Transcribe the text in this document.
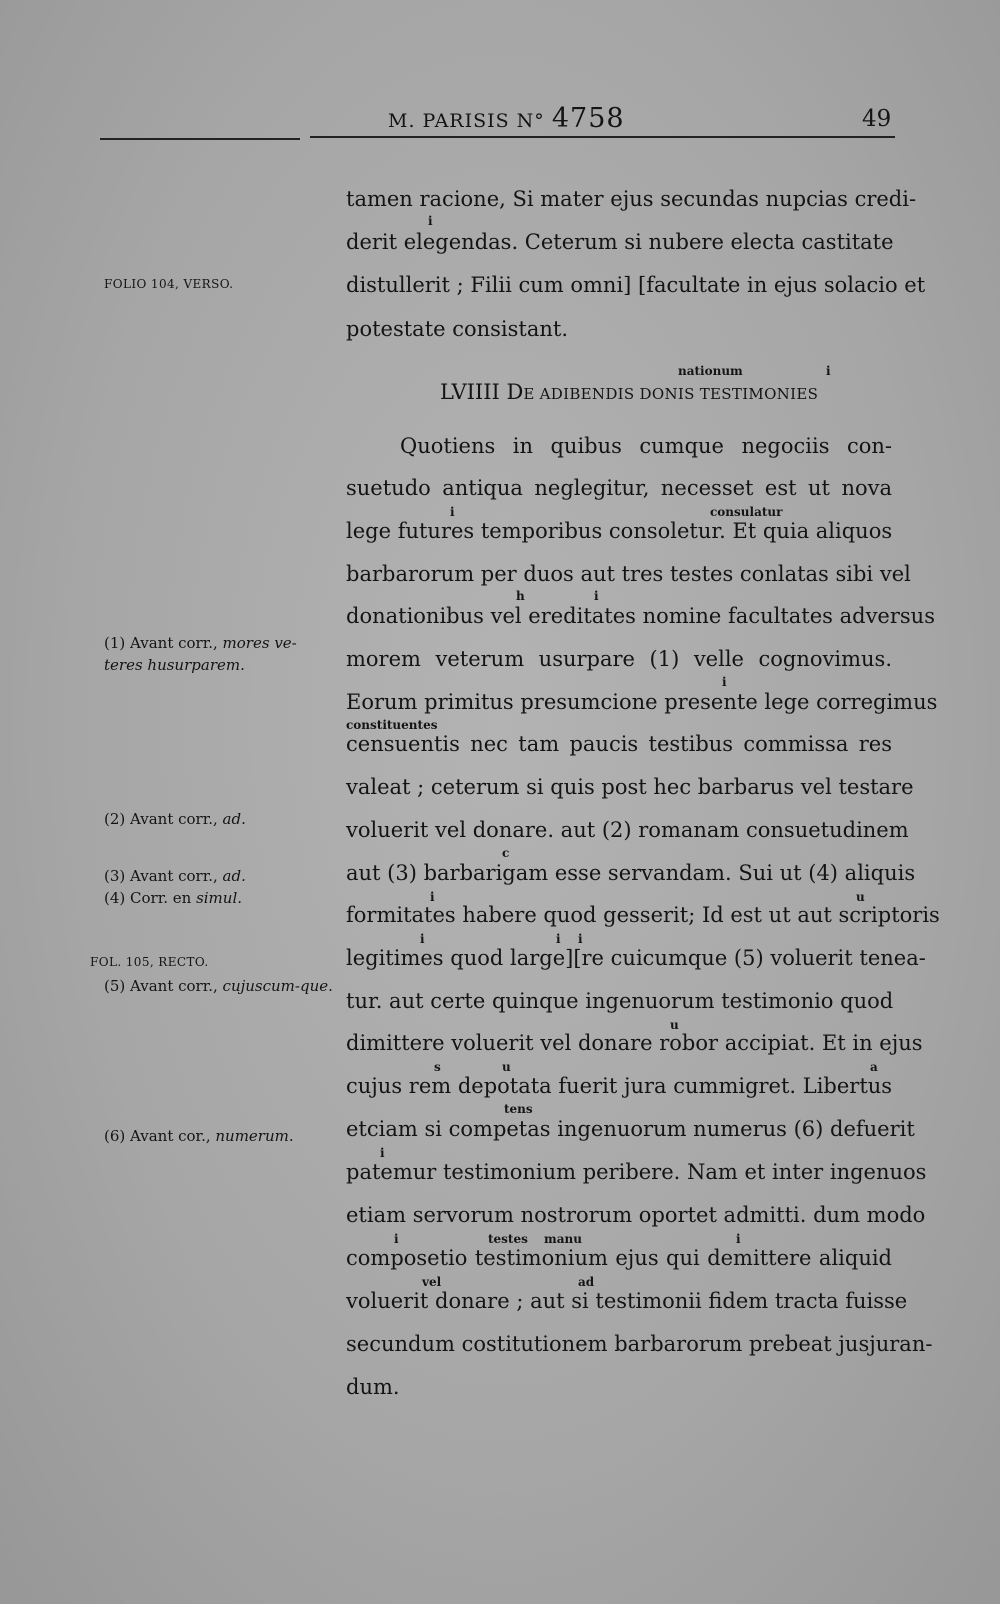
M. PARISIS N° 4758	49
FOLIO 104, VERSO.
FOL. 105, RECTO.
tamen racione, Si mater ejus secundas nupcias credi-
derit elegendas. Ceterum si nubere electa castitate
distullerit ; Filii cum omni] [facultate in ejus solacio et
potestate consistant.
LVIIII DE ADIBENDIS DONIS TESTIMONIES
Quotiens in quibus cumque negociis con-
suetudo antiqua neglegitur, necesset est ut nova
lege futures temporibus consoletur. Et quia aliquos
barbarorum per duos aut tres testes conlatas sibi vel
donationibus vel ereditates nomine facultates adversus
morem veterum usurpare (1) velle cognovimus.
Eorum primitus presumcione presente lege corregimus
censuentis nec tam paucis testibus commissa res
valeat ; ceterum si quis post hec barbarus vel testare
voluerit vel donare. aut (2) romanam consuetudinem
aut (3) barbarigam esse servandam. Sui ut (4) aliquis
formitates habere quod gesserit; Id est ut aut scriptoris
legitimes quod large][re cuicumque (5) voluerit tenea-
tur. aut certe quinque ingenuorum testimonio quod
dimittere voluerit vel donare robor accipiat. Et in ejus
cujus rem depotata fuerit jura cummigret. Libertus
etciam si competas ingenuorum numerus (6) defuerit
patemur testimonium peribere. Nam et inter ingenuos
etiam servorum nostrorum oportet admitti. dum modo
composetio testimonium ejus qui demittere aliquid
voluerit donare ; aut si testimonii fidem tracta fuisse
secundum costitutionem barbarorum prebeat jusjuran-
dum.
i
nationum	i
i	consulatur
h	i
i
constituentes
c
i	u
i	i i
u
s	u	a
tens
i
i	testes manu	i
vel	ad
(1) Avant corr., mores ve-teres husurparem.
(2) Avant corr., ad.
(3) Avant corr., ad.
(4) Corr. en simul.
(5) Avant corr., cujuscum-que.
(6) Avant cor., numerum.
